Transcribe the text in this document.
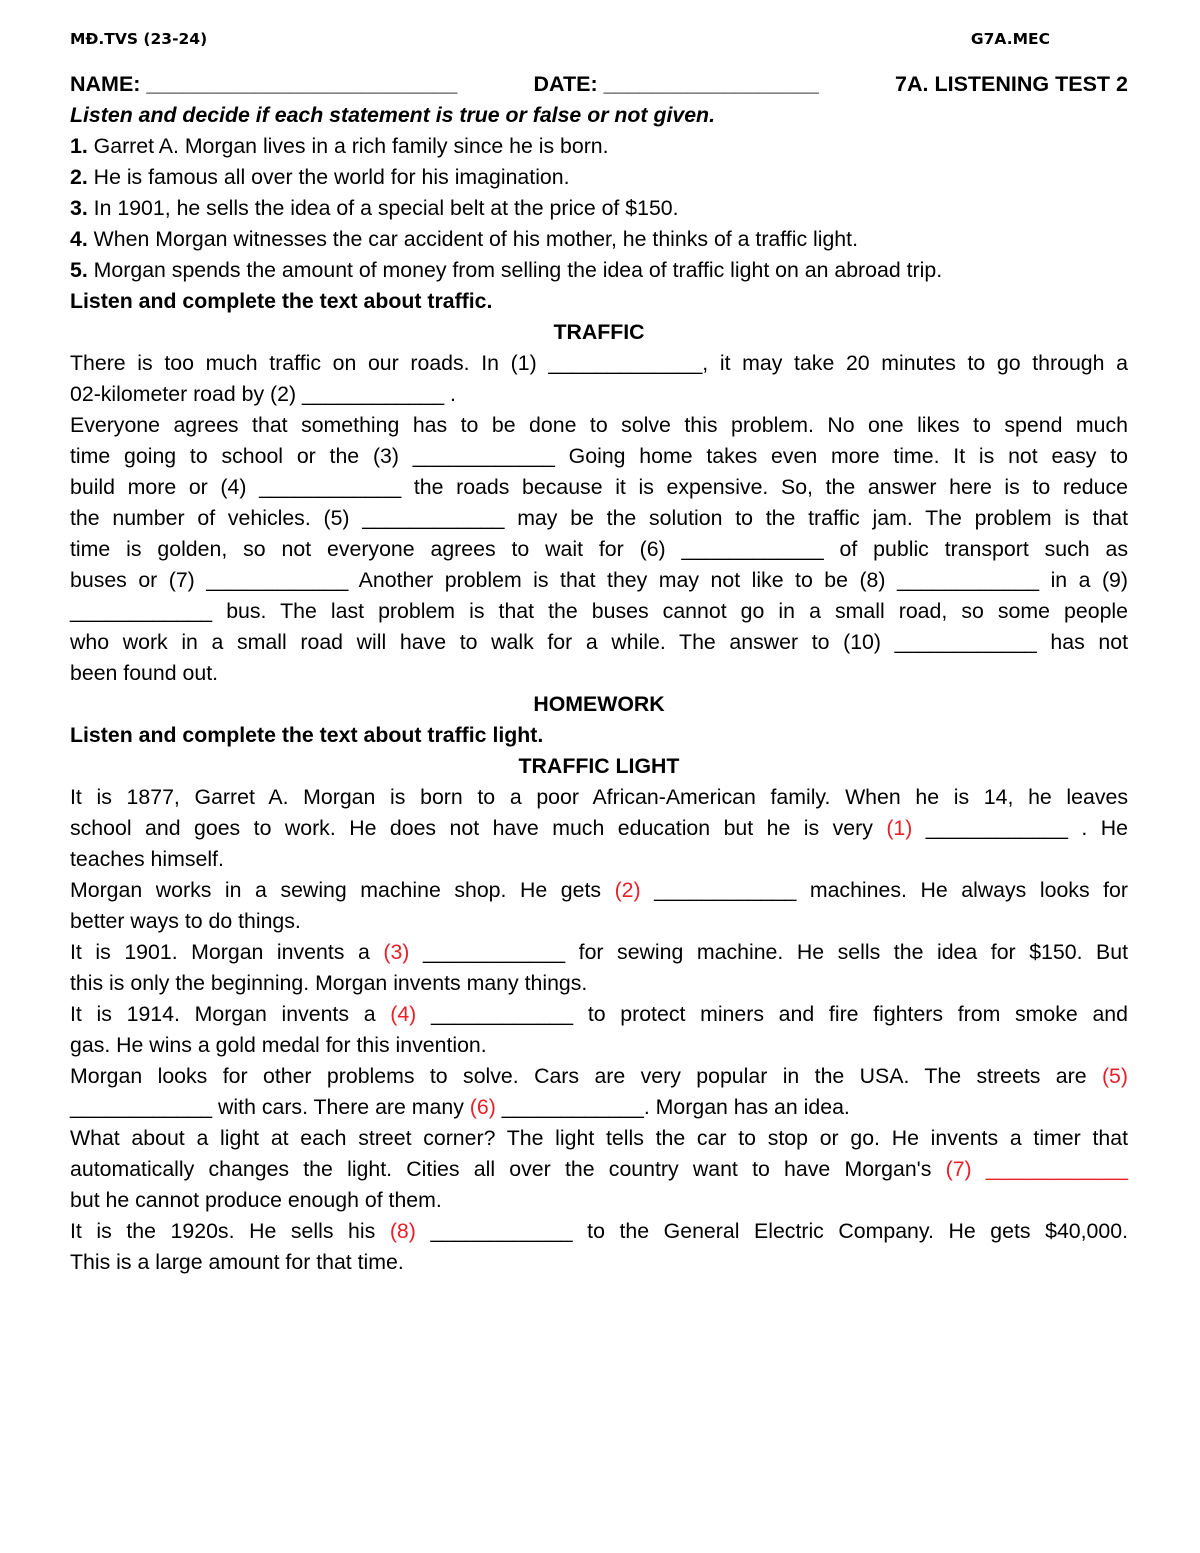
MĐ.TVS (23-24)	G7A.MEC
NAME: __________________________	DATE: __________________	7A. LISTENING TEST 2
Listen and decide if each statement is true or false or not given.
1. Garret A. Morgan lives in a rich family since he is born.
2. He is famous all over the world for his imagination.
3. In 1901, he sells the idea of a special belt at the price of $150.
4. When Morgan witnesses the car accident of his mother, he thinks of a traffic light.
5. Morgan spends the amount of money from selling the idea of traffic light on an abroad trip.
Listen and complete the text about traffic.
TRAFFIC
There is too much traffic on our roads. In (1) _____________, it may take 20 minutes to go through a
02-kilometer road by (2) ____________ .
Everyone agrees that something has to be done to solve this problem. No one likes to spend much
time going to school or the (3) ____________ Going home takes even more time. It is not easy to
build more or (4) ____________ the roads because it is expensive. So, the answer here is to reduce
the number of vehicles. (5) ____________ may be the solution to the traffic jam. The problem is that
time is golden, so not everyone agrees to wait for (6) ____________ of public transport such as
buses or (7) ____________ Another problem is that they may not like to be (8) ____________ in a (9)
____________ bus. The last problem is that the buses cannot go in a small road, so some people
who work in a small road will have to walk for a while. The answer to (10) ____________ has not
been found out.
HOMEWORK
Listen and complete the text about traffic light.
TRAFFIC LIGHT
It is 1877, Garret A. Morgan is born to a poor African-American family. When he is 14, he leaves
school and goes to work. He does not have much education but he is very (1) ____________ . He
teaches himself.
Morgan works in a sewing machine shop. He gets (2) ____________ machines. He always looks for
better ways to do things.
It is 1901. Morgan invents a (3) ____________ for sewing machine. He sells the idea for $150. But
this is only the beginning. Morgan invents many things.
It is 1914. Morgan invents a (4) ____________ to protect miners and fire fighters from smoke and
gas. He wins a gold medal for this invention.
Morgan looks for other problems to solve. Cars are very popular in the USA. The streets are (5)
____________ with cars. There are many (6) ____________. Morgan has an idea.
What about a light at each street corner? The light tells the car to stop or go. He invents a timer that
automatically changes the light. Cities all over the country want to have Morgan's (7) ____________
but he cannot produce enough of them.
It is the 1920s. He sells his (8) ____________ to the General Electric Company. He gets $40,000.
This is a large amount for that time.
